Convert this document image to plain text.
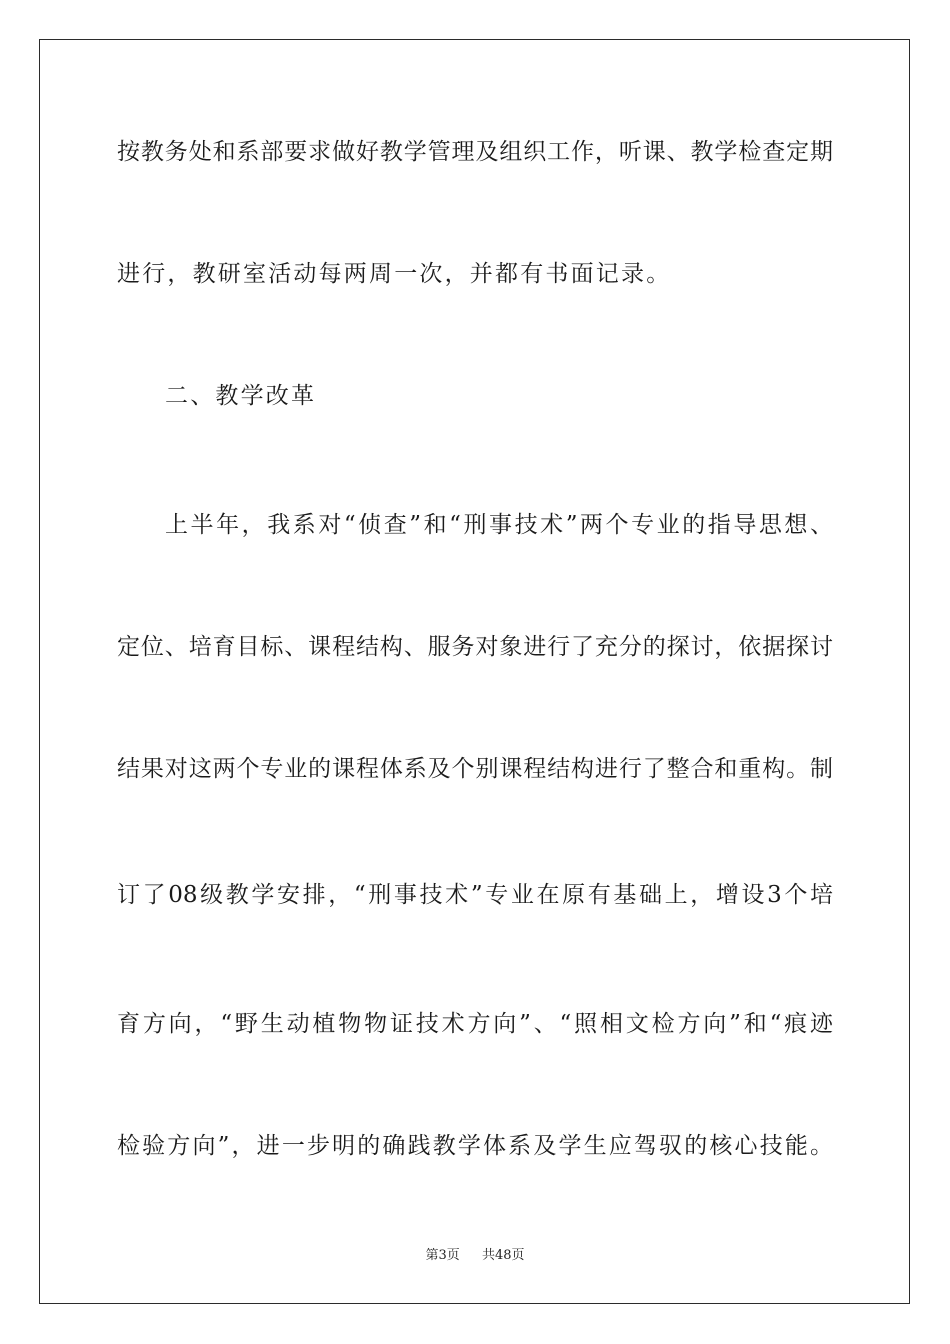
按教务处和系部要求做好教学管理及组织工作，听课、教学检查定期
进行，教研室活动每两周一次，并都有书面记录。
二、教学改革
上半年，我系对“侦查”和“刑事技术”两个专业的指导思想、
定位、培育目标、课程结构、服务对象进行了充分的探讨，依据探讨
结果对这两个专业的课程体系及个别课程结构进行了整合和重构。制
订了08级教学安排，“刑事技术”专业在原有基础上，增设3个培
育方向，“野生动植物物证技术方向”、“照相文检方向”和“痕迹
检验方向”，进一步明的确践教学体系及学生应驾驭的核心技能。
第3页 共48页
